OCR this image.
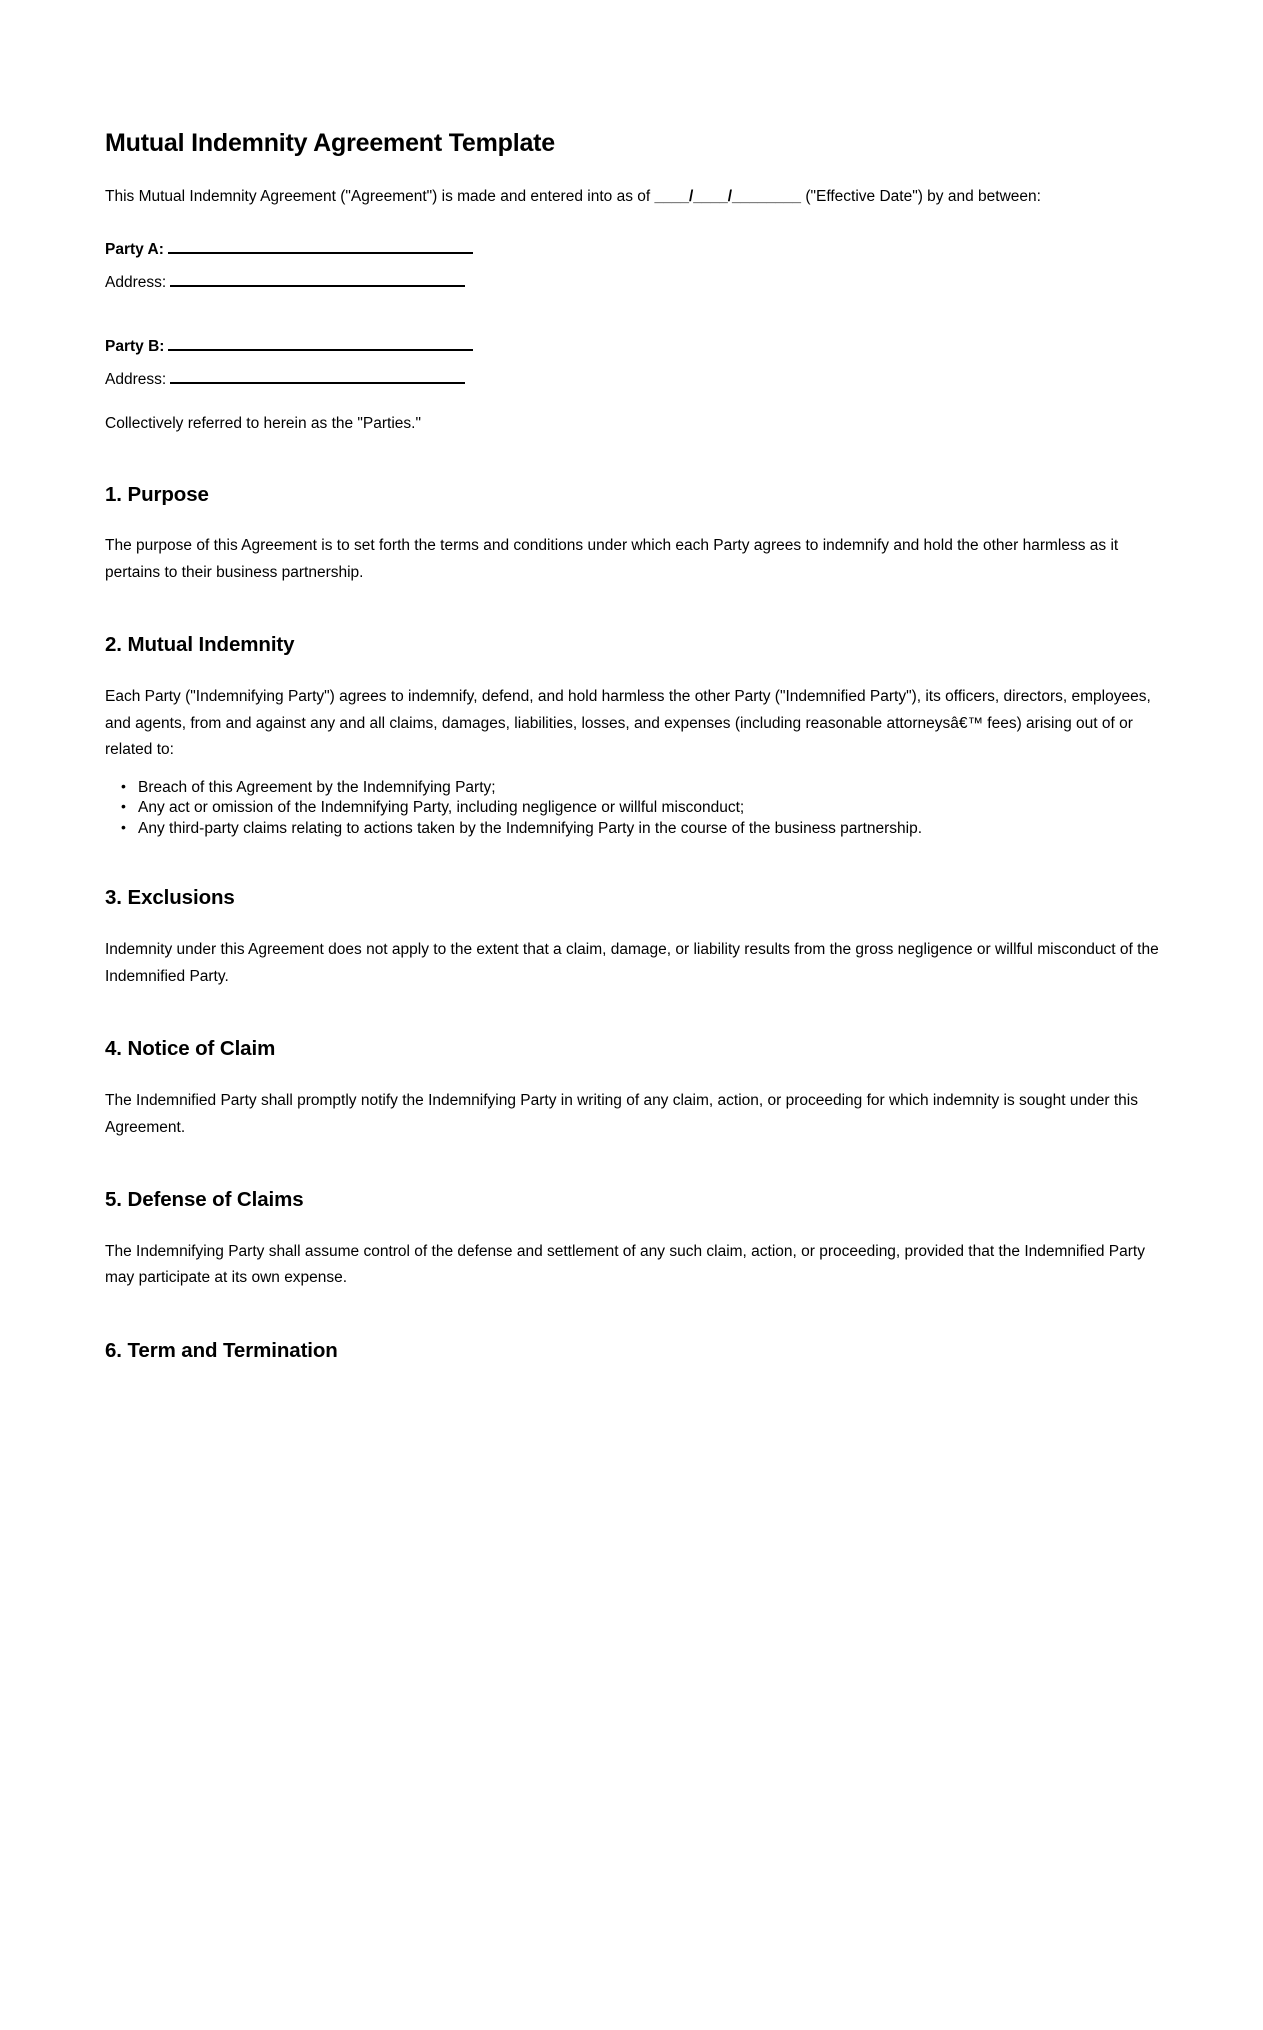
Mutual Indemnity Agreement Template

This Mutual Indemnity Agreement ("Agreement") is made and entered into as of ____/____/________ ("Effective Date") by and between:

Party A:
Address:
Party B:
Address:

Collectively referred to herein as the "Parties."

1. Purpose

The purpose of this Agreement is to set forth the terms and conditions under which each Party agrees to indemnify and hold the other harmless as it pertains to their business partnership.

2. Mutual Indemnity

Each Party ("Indemnifying Party") agrees to indemnify, defend, and hold harmless the other Party ("Indemnified Party"), its officers, directors, employees, and agents, from and against any and all claims, damages, liabilities, losses, and expenses (including reasonable attorneysâ€™ fees) arising out of or related to:

• Breach of this Agreement by the Indemnifying Party;
• Any act or omission of the Indemnifying Party, including negligence or willful misconduct;
• Any third-party claims relating to actions taken by the Indemnifying Party in the course of the business partnership.
3. Exclusions

Indemnity under this Agreement does not apply to the extent that a claim, damage, or liability results from the gross negligence or willful misconduct of the Indemnified Party.

4. Notice of Claim

The Indemnified Party shall promptly notify the Indemnifying Party in writing of any claim, action, or proceeding for which indemnity is sought under this Agreement.

5. Defense of Claims

The Indemnifying Party shall assume control of the defense and settlement of any such claim, action, or proceeding, provided that the Indemnified Party may participate at its own expense.

6. Term and Termination
